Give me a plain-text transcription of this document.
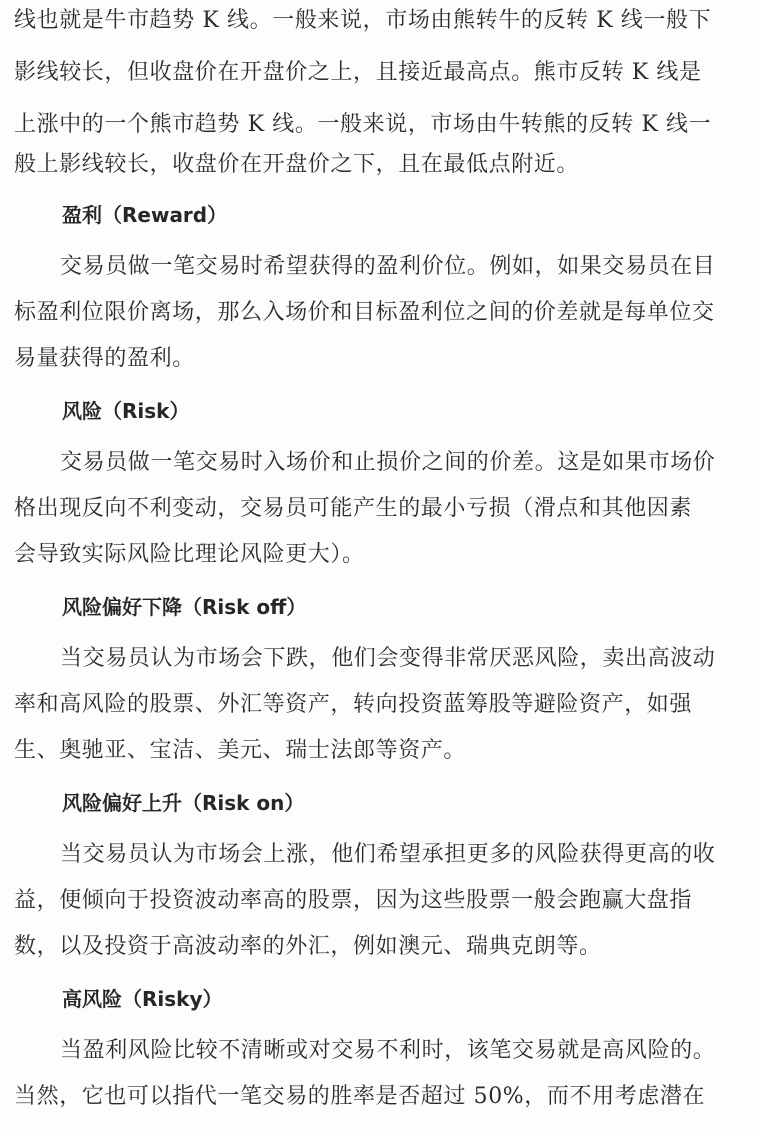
线也就是牛市趋势 K 线。一般来说，市场由熊转牛的反转 K 线一般下
影线较长，但收盘价在开盘价之上，且接近最高点。熊市反转 K 线是
上涨中的一个熊市趋势 K 线。一般来说，市场由牛转熊的反转 K 线一
般上影线较长，收盘价在开盘价之下，且在最低点附近。
盈利（Reward）
交易员做一笔交易时希望获得的盈利价位。例如，如果交易员在目
标盈利位限价离场，那么入场价和目标盈利位之间的价差就是每单位交
易量获得的盈利。
风险（Risk）
交易员做一笔交易时入场价和止损价之间的价差。这是如果市场价
格出现反向不利变动，交易员可能产生的最小亏损（滑点和其他因素
会导致实际风险比理论风险更大）。
风险偏好下降（Risk off）
当交易员认为市场会下跌，他们会变得非常厌恶风险，卖出高波动
率和高风险的股票、外汇等资产，转向投资蓝筹股等避险资产，如强
生、奥驰亚、宝洁、美元、瑞士法郎等资产。
风险偏好上升（Risk on）
当交易员认为市场会上涨，他们希望承担更多的风险获得更高的收
益，便倾向于投资波动率高的股票，因为这些股票一般会跑赢大盘指
数，以及投资于高波动率的外汇，例如澳元、瑞典克朗等。
高风险（Risky）
当盈利风险比较不清晰或对交易不利时，该笔交易就是高风险的。
当然，它也可以指代一笔交易的胜率是否超过 50%，而不用考虑潜在
